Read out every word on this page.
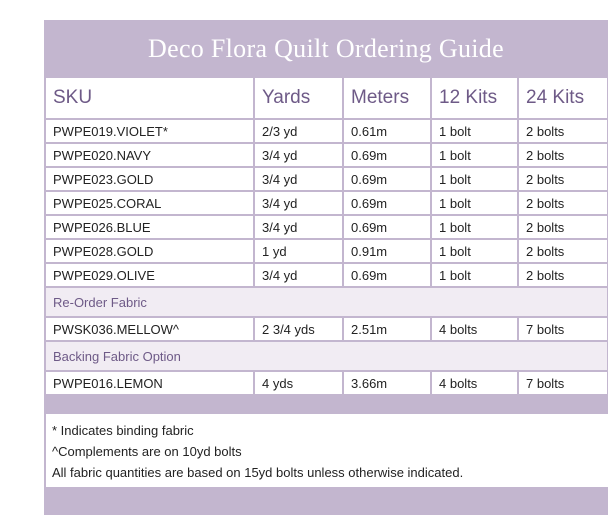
Deco Flora Quilt Ordering Guide
SKU	Yards	Meters	12 Kits	24 Kits
PWPE019.VIOLET*	2/3 yd	0.61m	1 bolt	2 bolts
PWPE020.NAVY	3/4 yd	0.69m	1 bolt	2 bolts
PWPE023.GOLD	3/4 yd	0.69m	1 bolt	2 bolts
PWPE025.CORAL	3/4 yd	0.69m	1 bolt	2 bolts
PWPE026.BLUE	3/4 yd	0.69m	1 bolt	2 bolts
PWPE028.GOLD	1 yd	0.91m	1 bolt	2 bolts
PWPE029.OLIVE	3/4 yd	0.69m	1 bolt	2 bolts
Re-Order Fabric				
PWSK036.MELLOW^	2 3/4 yds	2.51m	4 bolts	7 bolts
Backing Fabric Option				
PWPE016.LEMON	4 yds	3.66m	4 bolts	7 bolts
* Indicates binding fabric
^Complements are on 10yd bolts
All fabric quantities are based on 15yd bolts unless otherwise indicated.
